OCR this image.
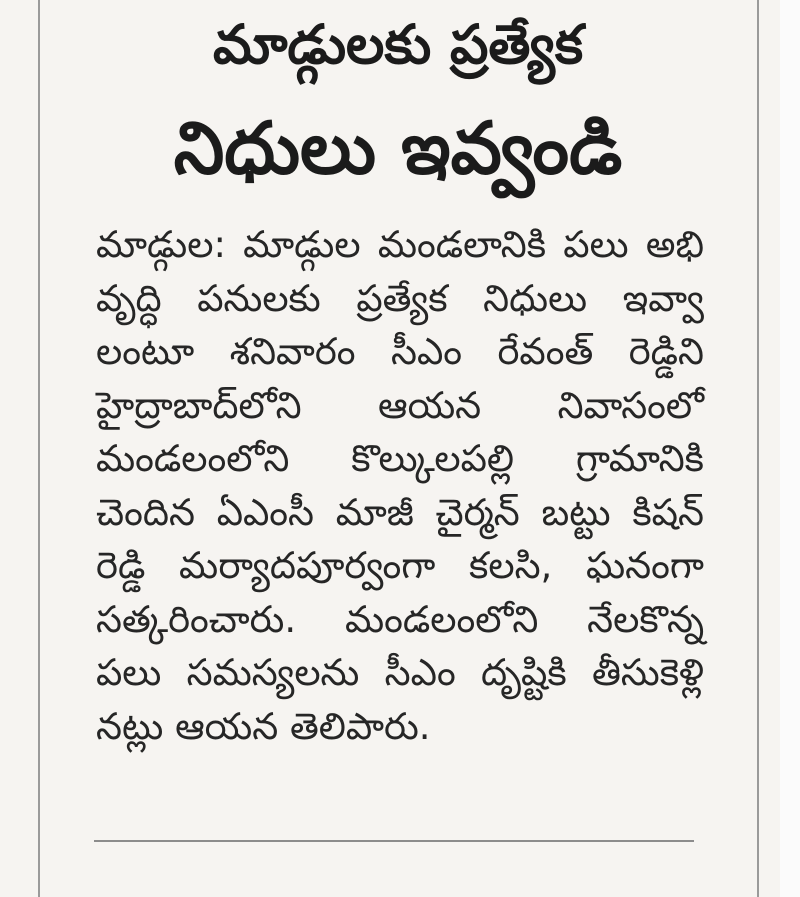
మాడ్గులకు ప్రత్యేక
నిధులు ఇవ్వండి

మాడ్గుల: మాడ్గుల మండలానికి పలు అభి వృద్ధి పనులకు ప్రత్యేక నిధులు ఇవ్వా లంటూ శనివారం సీఎం రేవంత్ రెడ్డిని హైద్రాబాద్‌లోని ఆయన నివాసంలో మండలంలోని కొల్కులపల్లి గ్రామానికి చెందిన ఏఎంసీ మాజీ చైర్మన్ బట్టు కిషన్ రెడ్డి మర్యాదపూర్వంగా కలసి, ఘనంగా సత్కరించారు. మండలంలోని నేలకొన్న పలు సమస్యలను సీఎం దృష్టికి తీసుకెళ్లి నట్లు ఆయన తెలిపారు.
